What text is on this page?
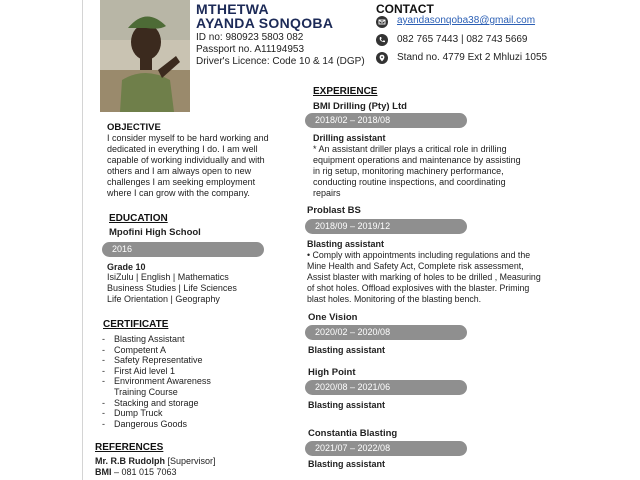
MTHETWA
AYANDA SONQOBA
ID no: 980923 5803 082
Passport no. A11194953
Driver's Licence: Code 10 & 14 (DGP)
CONTACT
ayandasonqoba38@gmail.com
082 765 7443 | 082 743 5669
Stand no. 4779 Ext 2 Mhluzi 1055
OBJECTIVE
I consider myself to be hard working and
dedicated in everything I do. I am well
capable of working individually and with
others and I am always open to new
challenges I am seeking employment
where I can grow with the company.
EDUCATION
Mpofini High School
2016
Grade 10
IsiZulu | English | Mathematics
Business Studies | Life Sciences
Life Orientation | Geography
CERTIFICATE
- Blasting Assistant
- Competent A
- Safety Representative
- First Aid level 1
- Environment Awareness
Training Course
- Stacking and storage
- Dump Truck
- Dangerous Goods
REFERENCES
Mr. R.B Rudolph [Supervisor]
BMI – 081 015 7063
EXPERIENCE
BMI Drilling (Pty) Ltd
2018/02 – 2018/08
Drilling assistant
* An assistant driller plays a critical role in drilling
equipment operations and maintenance by assisting
in rig setup, monitoring machinery performance,
conducting routine inspections, and coordinating
repairs
Problast BS
2018/09 – 2019/12
Blasting assistant
• Comply with appointments including regulations and the
Mine Health and Safety Act, Complete risk assessment,
Assist blaster with marking of holes to be drilled , Measuring
of shot holes. Offload explosives with the blaster. Priming
blast holes. Monitoring of the blasting bench.
One Vision
2020/02 – 2020/08
Blasting assistant
High Point
2020/08 – 2021/06
Blasting assistant
Constantia Blasting
2021/07 – 2022/08
Blasting assistant
